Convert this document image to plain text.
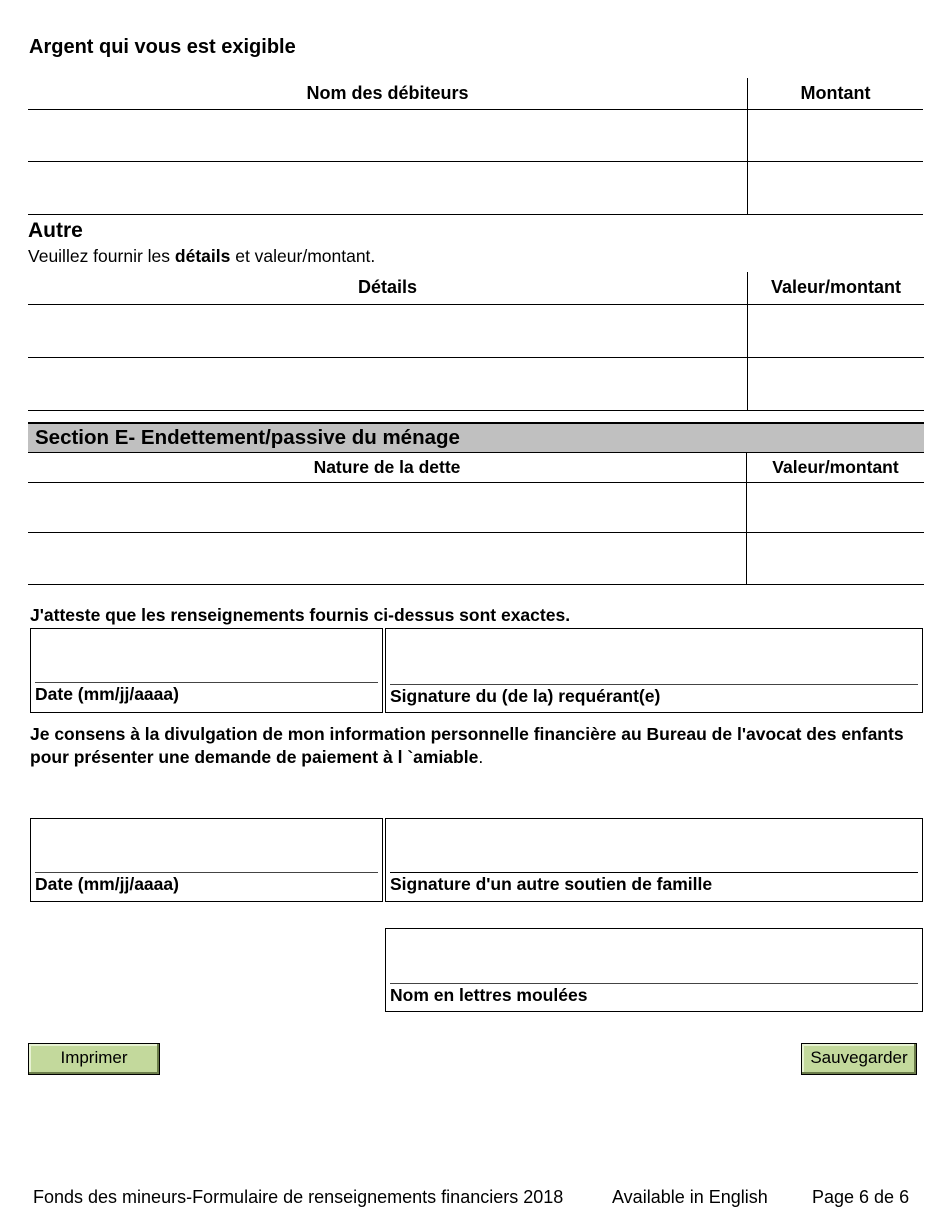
Argent qui vous est exigible
Nom des débiteurs	Montant
Autre
Veuillez fournir les détails et valeur/montant.
Détails	Valeur/montant
Section E- Endettement/passive du ménage
Nature de la dette	Valeur/montant
J'atteste que les renseignements fournis ci-dessus sont exactes.
Date (mm/jj/aaaa)	Signature du (de la) requérant(e)
Je consens à la divulgation de mon information personnelle financière au Bureau de l'avocat des enfants pour présenter une demande de paiement à l `amiable.
Date (mm/jj/aaaa)	Signature d'un autre soutien de famille
Nom en lettres moulées
Imprimer	Sauvegarder
Fonds des mineurs-Formulaire de renseignements financiers 2018	Available in English Page 6 de 6
